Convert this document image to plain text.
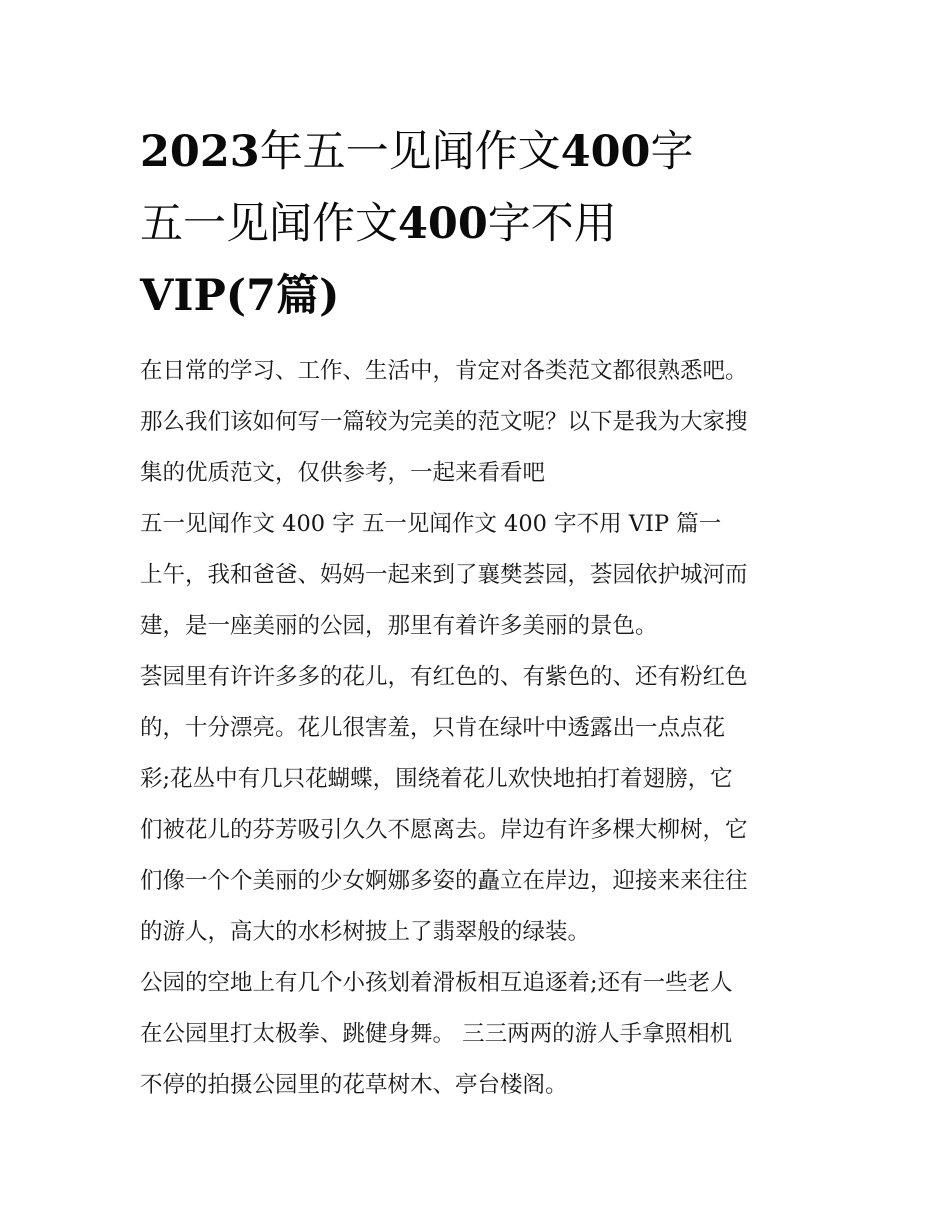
2023年五一见闻作文400字
五一见闻作文400字不用
VIP(7篇)

在日常的学习、工作、生活中，肯定对各类范文都很熟悉吧。
那么我们该如何写一篇较为完美的范文呢？以下是我为大家搜
集的优质范文，仅供参考，一起来看看吧

五一见闻作文 400 字 五一见闻作文 400 字不用 VIP 篇一

上午，我和爸爸、妈妈一起来到了襄樊荟园，荟园依护城河而
建，是一座美丽的公园，那里有着许多美丽的景色。

荟园里有许许多多的花儿，有红色的、有紫色的、还有粉红色
的，十分漂亮。花儿很害羞，只肯在绿叶中透露出一点点花
彩;花丛中有几只花蝴蝶，围绕着花儿欢快地拍打着翅膀，它
们被花儿的芬芳吸引久久不愿离去。岸边有许多棵大柳树，它
们像一个个美丽的少女婀娜多姿的矗立在岸边，迎接来来往往
的游人，高大的水杉树披上了翡翠般的绿装。

公园的空地上有几个小孩划着滑板相互追逐着;还有一些老人
在公园里打太极拳、跳健身舞。 三三两两的游人手拿照相机
不停的拍摄公园里的花草树木、亭台楼阁。
